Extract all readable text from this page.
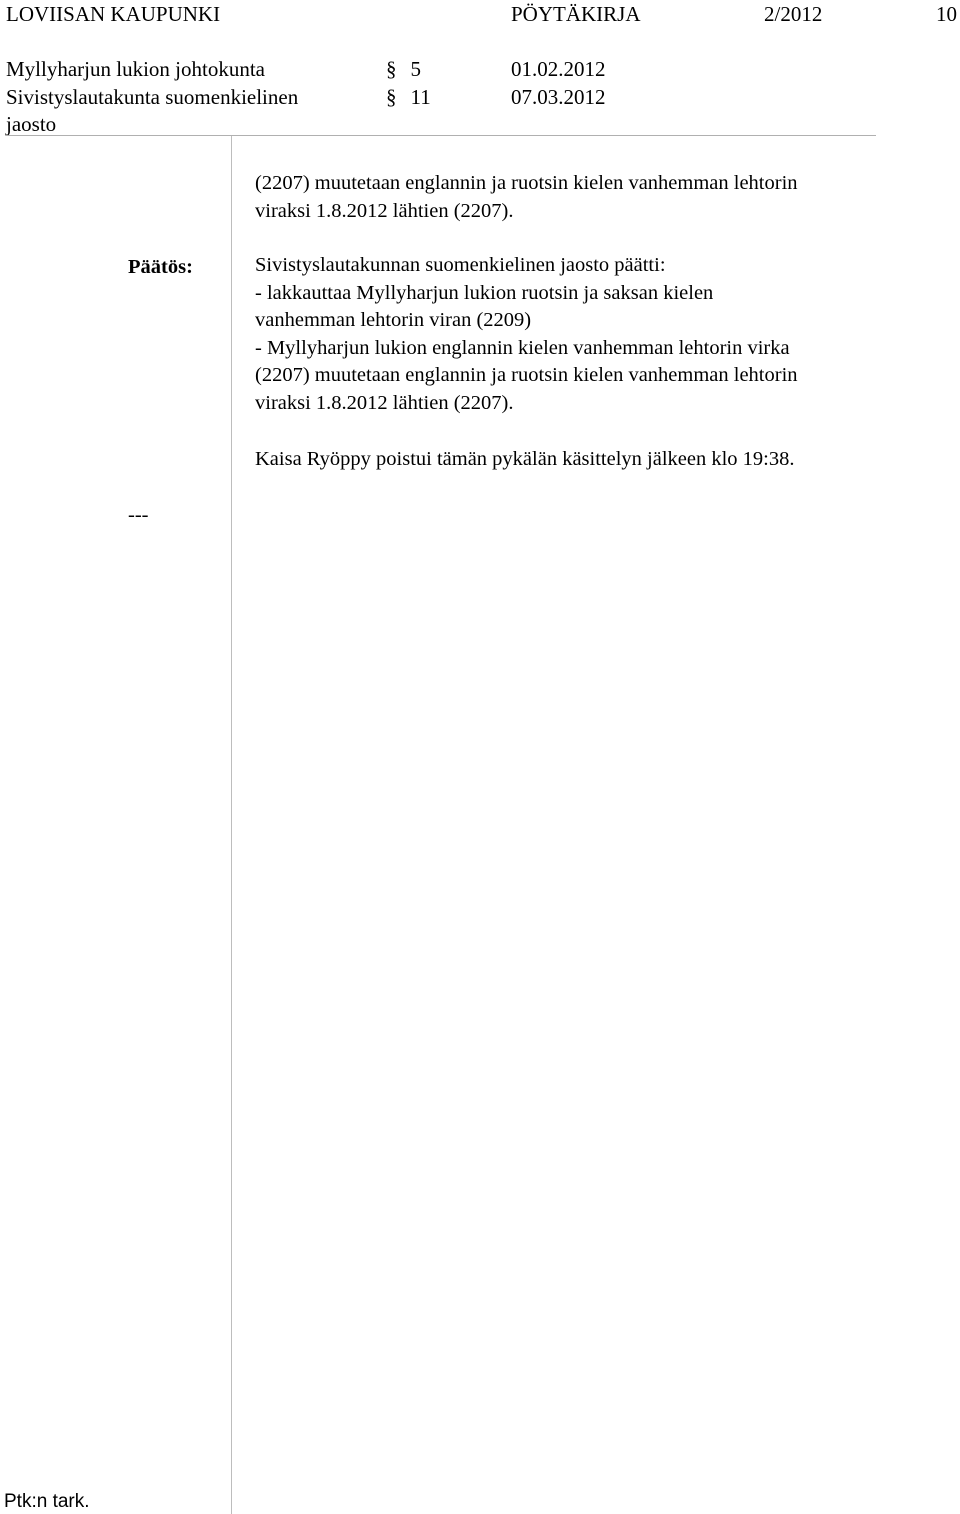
LOVIISAN KAUPUNKI	PÖYTÄKIRJA	2/2012	10
Myllyharjun lukion johtokunta	§ 5	01.02.2012
Sivistyslautakunta suomenkielinen	§ 11	07.03.2012
jaosto
(2207) muutetaan englannin ja ruotsin kielen vanhemman lehtorin
viraksi 1.8.2012 lähtien (2207).
Päätös:	Sivistyslautakunnan suomenkielinen jaosto päätti:
- lakkauttaa Myllyharjun lukion ruotsin ja saksan kielen
vanhemman lehtorin viran (2209)
- Myllyharjun lukion englannin kielen vanhemman lehtorin virka
(2207) muutetaan englannin ja ruotsin kielen vanhemman lehtorin
viraksi 1.8.2012 lähtien (2207).
Kaisa Ryöppy poistui tämän pykälän käsittelyn jälkeen klo 19:38.
---
Ptk:n tark.
